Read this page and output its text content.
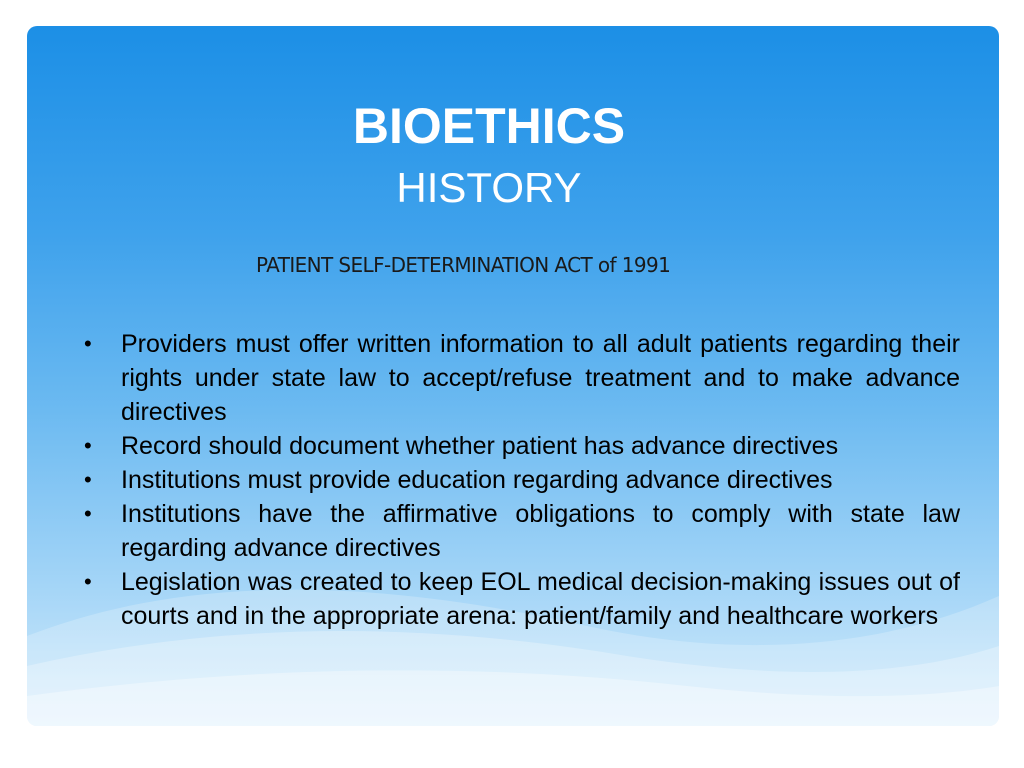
BIOETHICS
HISTORY
PATIENT SELF-DETERMINATION ACT of 1991
• Providers must offer written information to all adult patients regarding their rights under state law to accept/refuse treatment and to make advance directives
• Record should document whether patient has advance directives
• Institutions must provide education regarding advance directives
• Institutions have the affirmative obligations to comply with state law regarding advance directives
• Legislation was created to keep EOL medical decision-making issues out of courts and in the appropriate arena: patient/family and healthcare workers
